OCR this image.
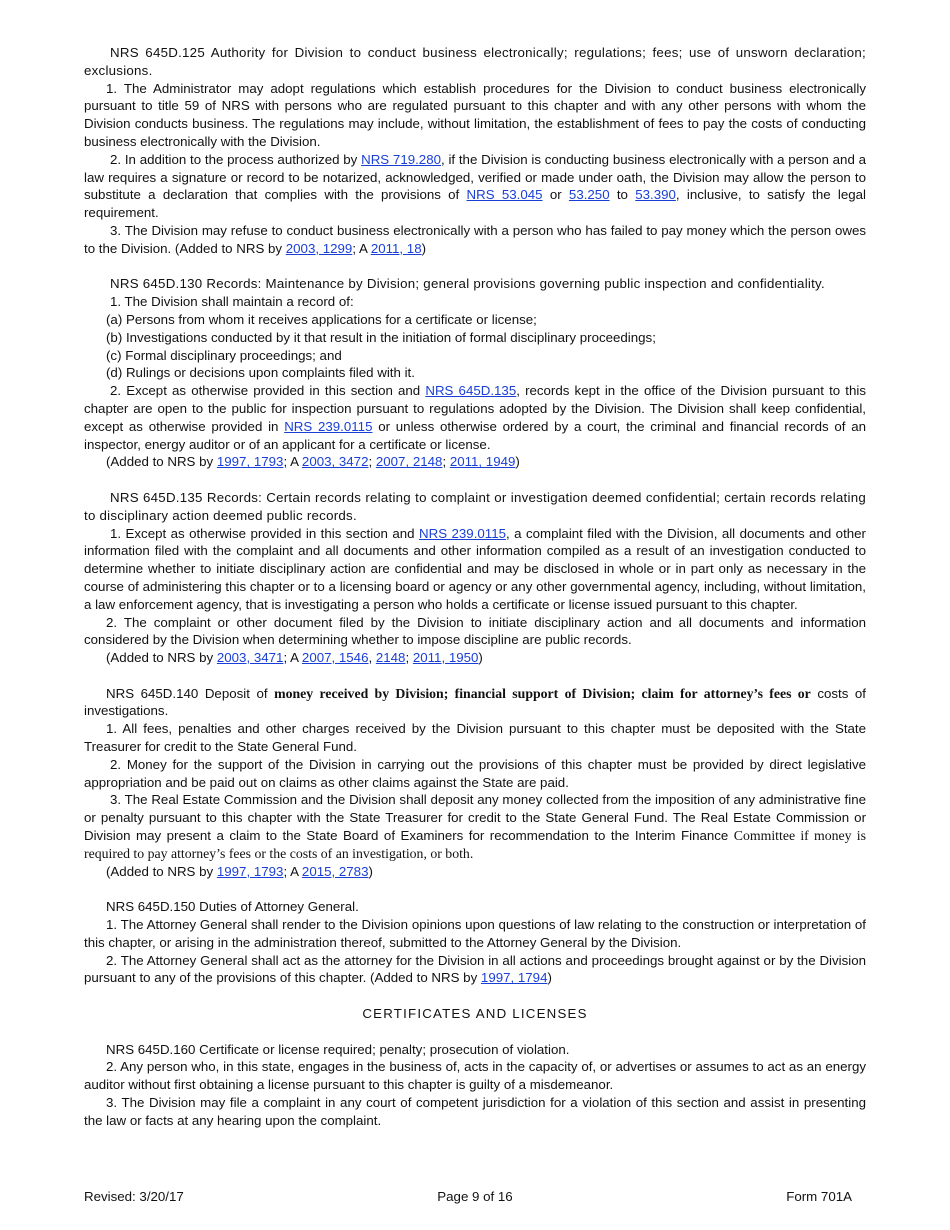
NRS 645D.125 Authority for Division to conduct business electronically; regulations; fees; use of unsworn declaration; exclusions.

1. The Administrator may adopt regulations which establish procedures for the Division to conduct business electronically pursuant to title 59 of NRS with persons who are regulated pursuant to this chapter and with any other persons with whom the Division conducts business. The regulations may include, without limitation, the establishment of fees to pay the costs of conducting business electronically with the Division.

2. In addition to the process authorized by NRS 719.280, if the Division is conducting business electronically with a person and a law requires a signature or record to be notarized, acknowledged, verified or made under oath, the Division may allow the person to substitute a declaration that complies with the provisions of NRS 53.045 or 53.250 to 53.390, inclusive, to satisfy the legal requirement.

3. The Division may refuse to conduct business electronically with a person who has failed to pay money which the person owes to the Division. (Added to NRS by 2003, 1299; A 2011, 18)

NRS 645D.130 Records: Maintenance by Division; general provisions governing public inspection and confidentiality.

1. The Division shall maintain a record of:

(a) Persons from whom it receives applications for a certificate or license;

(b) Investigations conducted by it that result in the initiation of formal disciplinary proceedings;

(c) Formal disciplinary proceedings; and

(d) Rulings or decisions upon complaints filed with it.

2. Except as otherwise provided in this section and NRS 645D.135, records kept in the office of the Division pursuant to this chapter are open to the public for inspection pursuant to regulations adopted by the Division. The Division shall keep confidential, except as otherwise provided in NRS 239.0115 or unless otherwise ordered by a court, the criminal and financial records of an inspector, energy auditor or of an applicant for a certificate or license.

(Added to NRS by 1997, 1793; A 2003, 3472; 2007, 2148; 2011, 1949)

NRS 645D.135 Records: Certain records relating to complaint or investigation deemed confidential; certain records relating to disciplinary action deemed public records.

1. Except as otherwise provided in this section and NRS 239.0115, a complaint filed with the Division, all documents and other information filed with the complaint and all documents and other information compiled as a result of an investigation conducted to determine whether to initiate disciplinary action are confidential and may be disclosed in whole or in part only as necessary in the course of administering this chapter or to a licensing board or agency or any other governmental agency, including, without limitation, a law enforcement agency, that is investigating a person who holds a certificate or license issued pursuant to this chapter.

2. The complaint or other document filed by the Division to initiate disciplinary action and all documents and information considered by the Division when determining whether to impose discipline are public records.

(Added to NRS by 2003, 3471; A 2007, 1546, 2148; 2011, 1950)

NRS 645D.140 Deposit of money received by Division; financial support of Division; claim for attorney’s fees or costs of investigations.

1. All fees, penalties and other charges received by the Division pursuant to this chapter must be deposited with the State Treasurer for credit to the State General Fund.

2. Money for the support of the Division in carrying out the provisions of this chapter must be provided by direct legislative appropriation and be paid out on claims as other claims against the State are paid.

3. The Real Estate Commission and the Division shall deposit any money collected from the imposition of any administrative fine or penalty pursuant to this chapter with the State Treasurer for credit to the State General Fund. The Real Estate Commission or Division may present a claim to the State Board of Examiners for recommendation to the Interim Finance Committee if money is required to pay attorney’s fees or the costs of an investigation, or both.

(Added to NRS by 1997, 1793; A 2015, 2783)

NRS 645D.150 Duties of Attorney General.

1. The Attorney General shall render to the Division opinions upon questions of law relating to the construction or interpretation of this chapter, or arising in the administration thereof, submitted to the Attorney General by the Division.

2. The Attorney General shall act as the attorney for the Division in all actions and proceedings brought against or by the Division pursuant to any of the provisions of this chapter. (Added to NRS by 1997, 1794)

CERTIFICATES AND LICENSES

NRS 645D.160 Certificate or license required; penalty; prosecution of violation.

2. Any person who, in this state, engages in the business of, acts in the capacity of, or advertises or assumes to act as an energy auditor without first obtaining a license pursuant to this chapter is guilty of a misdemeanor.

3. The Division may file a complaint in any court of competent jurisdiction for a violation of this section and assist in presenting the law or facts at any hearing upon the complaint.

Revised: 3/20/17	Page 9 of 16	Form 701A
